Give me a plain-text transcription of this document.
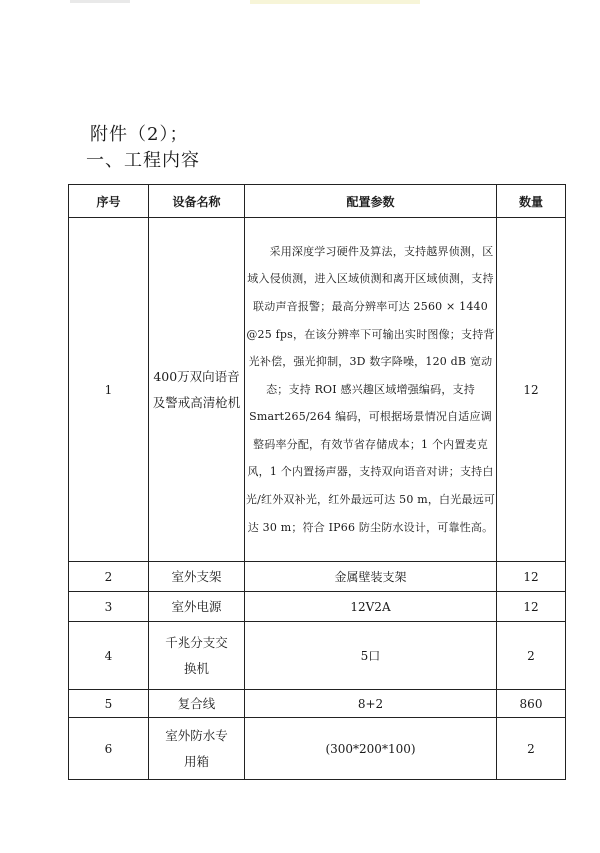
附件（2）；
一、工程内容
序号	设备名称	配置参数	数量
1	400万双向语音及警戒高清枪机	采用深度学习硬件及算法，支持越界侦测，区域入侵侦测，进入区域侦测和离开区域侦测，支持联动声音报警；最高分辨率可达 2560 × 1440 @25 fps，在该分辨率下可输出实时图像；支持背光补偿，强光抑制，3D 数字降噪，120 dB 宽动态；支持 ROI 感兴趣区域增强编码，支持 Smart265/264 编码，可根据场景情况自适应调整码率分配，有效节省存储成本；1 个内置麦克风，1 个内置扬声器，支持双向语音对讲；支持白光/红外双补光，红外最远可达 50 m，白光最远可达 30 m；符合 IP66 防尘防水设计，可靠性高。	12
2	室外支架	金属壁装支架	12
3	室外电源	12V2A	12
4	千兆分支交换机	5口	2
5	复合线	8+2	860
6	室外防水专用箱	(300*200*100)	2
